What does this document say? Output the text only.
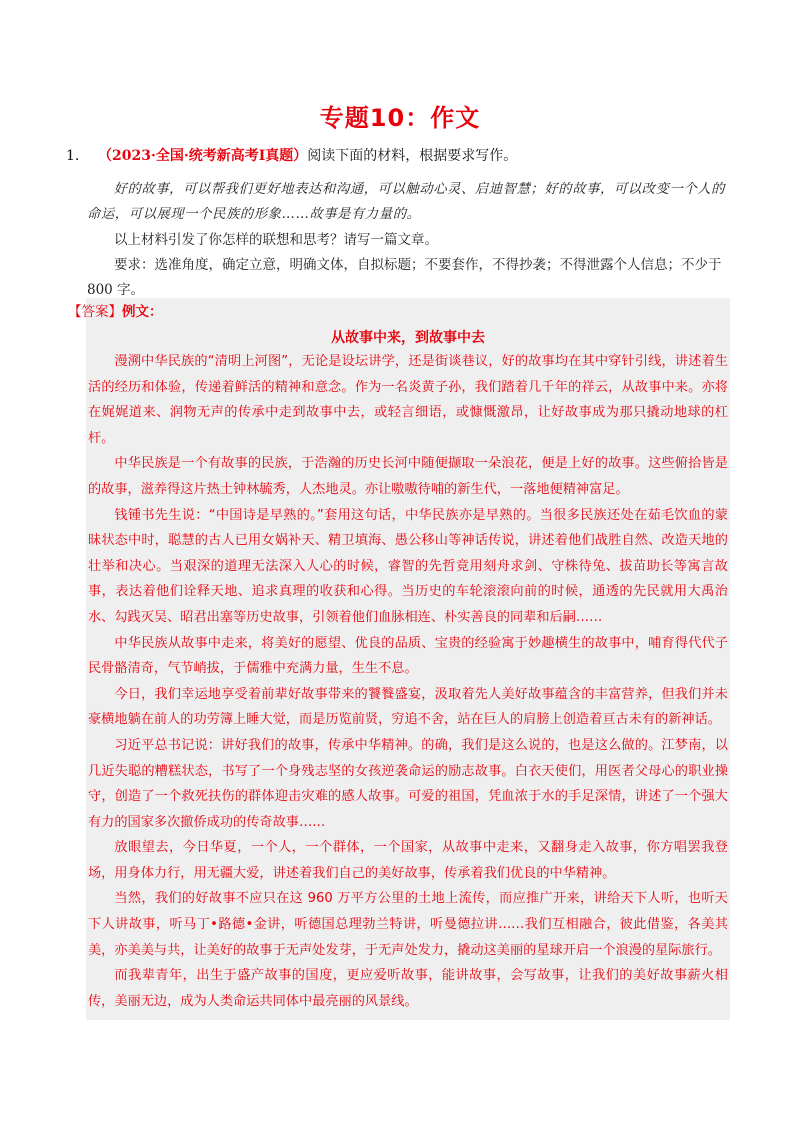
专题10：作文
1. （2023·全国·统考新高考Ⅰ真题）阅读下面的材料，根据要求写作。
好的故事，可以帮我们更好地表达和沟通，可以触动心灵、启迪智慧；好的故事，可以改变一个人的命运，可以展现一个民族的形象……故事是有力量的。

以上材料引发了你怎样的联想和思考？请写一篇文章。

要求：选准角度，确定立意，明确文体，自拟标题；不要套作，不得抄袭；不得泄露个人信息；不少于 800 字。

【答案】例文：
从故事中来，到故事中去

漫溯中华民族的“清明上河图”，无论是设坛讲学，还是街谈巷议，好的故事均在其中穿针引线，讲述着生活的经历和体验，传递着鲜活的精神和意念。作为一名炎黄子孙，我们踏着几千年的祥云，从故事中来。亦将在娓娓道来、润物无声的传承中走到故事中去，或轻言细语，或慷慨激昂，让好故事成为那只撬动地球的杠杆。

中华民族是一个有故事的民族，于浩瀚的历史长河中随便撷取一朵浪花，便是上好的故事。这些俯拾皆是的故事，滋养得这片热土钟林毓秀，人杰地灵。亦让嗷嗷待哺的新生代，一落地便精神富足。

钱锺书先生说：“中国诗是早熟的。”套用这句话，中华民族亦是早熟的。当很多民族还处在茹毛饮血的蒙昧状态中时，聪慧的古人已用女娲补天、精卫填海、愚公移山等神话传说，讲述着他们战胜自然、改造天地的壮举和决心。当艰深的道理无法深入人心的时候，睿智的先哲竟用刻舟求剑、守株待兔、拔苗助长等寓言故事，表达着他们诠释天地、追求真理的收获和心得。当历史的车轮滚滚向前的时候，通透的先民就用大禹治水、勾践灭吴、昭君出塞等历史故事，引领着他们血脉相连、朴实善良的同辈和后嗣……

中华民族从故事中走来，将美好的愿望、优良的品质、宝贵的经验寓于妙趣横生的故事中，哺育得代代子民骨骼清奇，气节峭拔，于儒雅中充满力量，生生不息。

今日，我们幸运地享受着前辈好故事带来的饕餮盛宴，汲取着先人美好故事蕴含的丰富营养，但我们并未豪横地躺在前人的功劳簿上睡大觉，而是历览前贤，穷追不舍，站在巨人的肩膀上创造着亘古未有的新神话。

习近平总书记说：讲好我们的故事，传承中华精神。的确，我们是这么说的，也是这么做的。江梦南，以几近失聪的糟糕状态，书写了一个身残志坚的女孩逆袭命运的励志故事。白衣天使们，用医者父母心的职业操守，创造了一个救死扶伤的群体迎击灾难的感人故事。可爱的祖国，凭血浓于水的手足深情，讲述了一个强大有力的国家多次撤侨成功的传奇故事……

放眼望去，今日华夏，一个人，一个群体，一个国家，从故事中走来，又翻身走入故事，你方唱罢我登场，用身体力行，用无疆大爱，讲述着我们自己的美好故事，传承着我们优良的中华精神。

当然，我们的好故事不应只在这 960 万平方公里的土地上流传，而应推广开来，讲给天下人听，也听天下人讲故事，听马丁•路德•金讲，听德国总理勃兰特讲，听曼德拉讲……我们互相融合，彼此借鉴，各美其美，亦美美与共，让美好的故事于无声处发芽，于无声处发力，撬动这美丽的星球开启一个浪漫的星际旅行。

而我辈青年，出生于盛产故事的国度，更应爱听故事，能讲故事，会写故事，让我们的美好故事薪火相传，美丽无边，成为人类命运共同体中最亮丽的风景线。
